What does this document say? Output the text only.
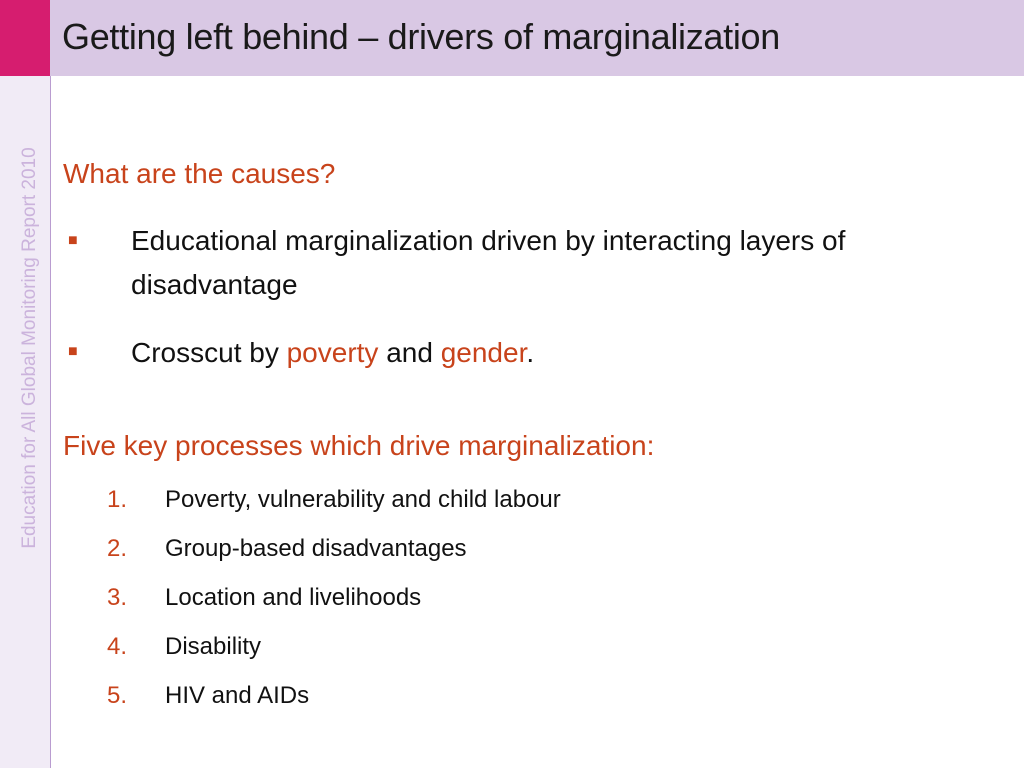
Getting left behind – drivers of marginalization
Education for All Global Monitoring Report 2010 What are the causes?
■ Educational marginalization driven by interacting layers of disadvantage

■ Crosscut by poverty and gender.

Five key processes which drive marginalization:
1. Poverty, vulnerability and child labour
2. Group-based disadvantages
3. Location and livelihoods
4. Disability
5. HIV and AIDs
